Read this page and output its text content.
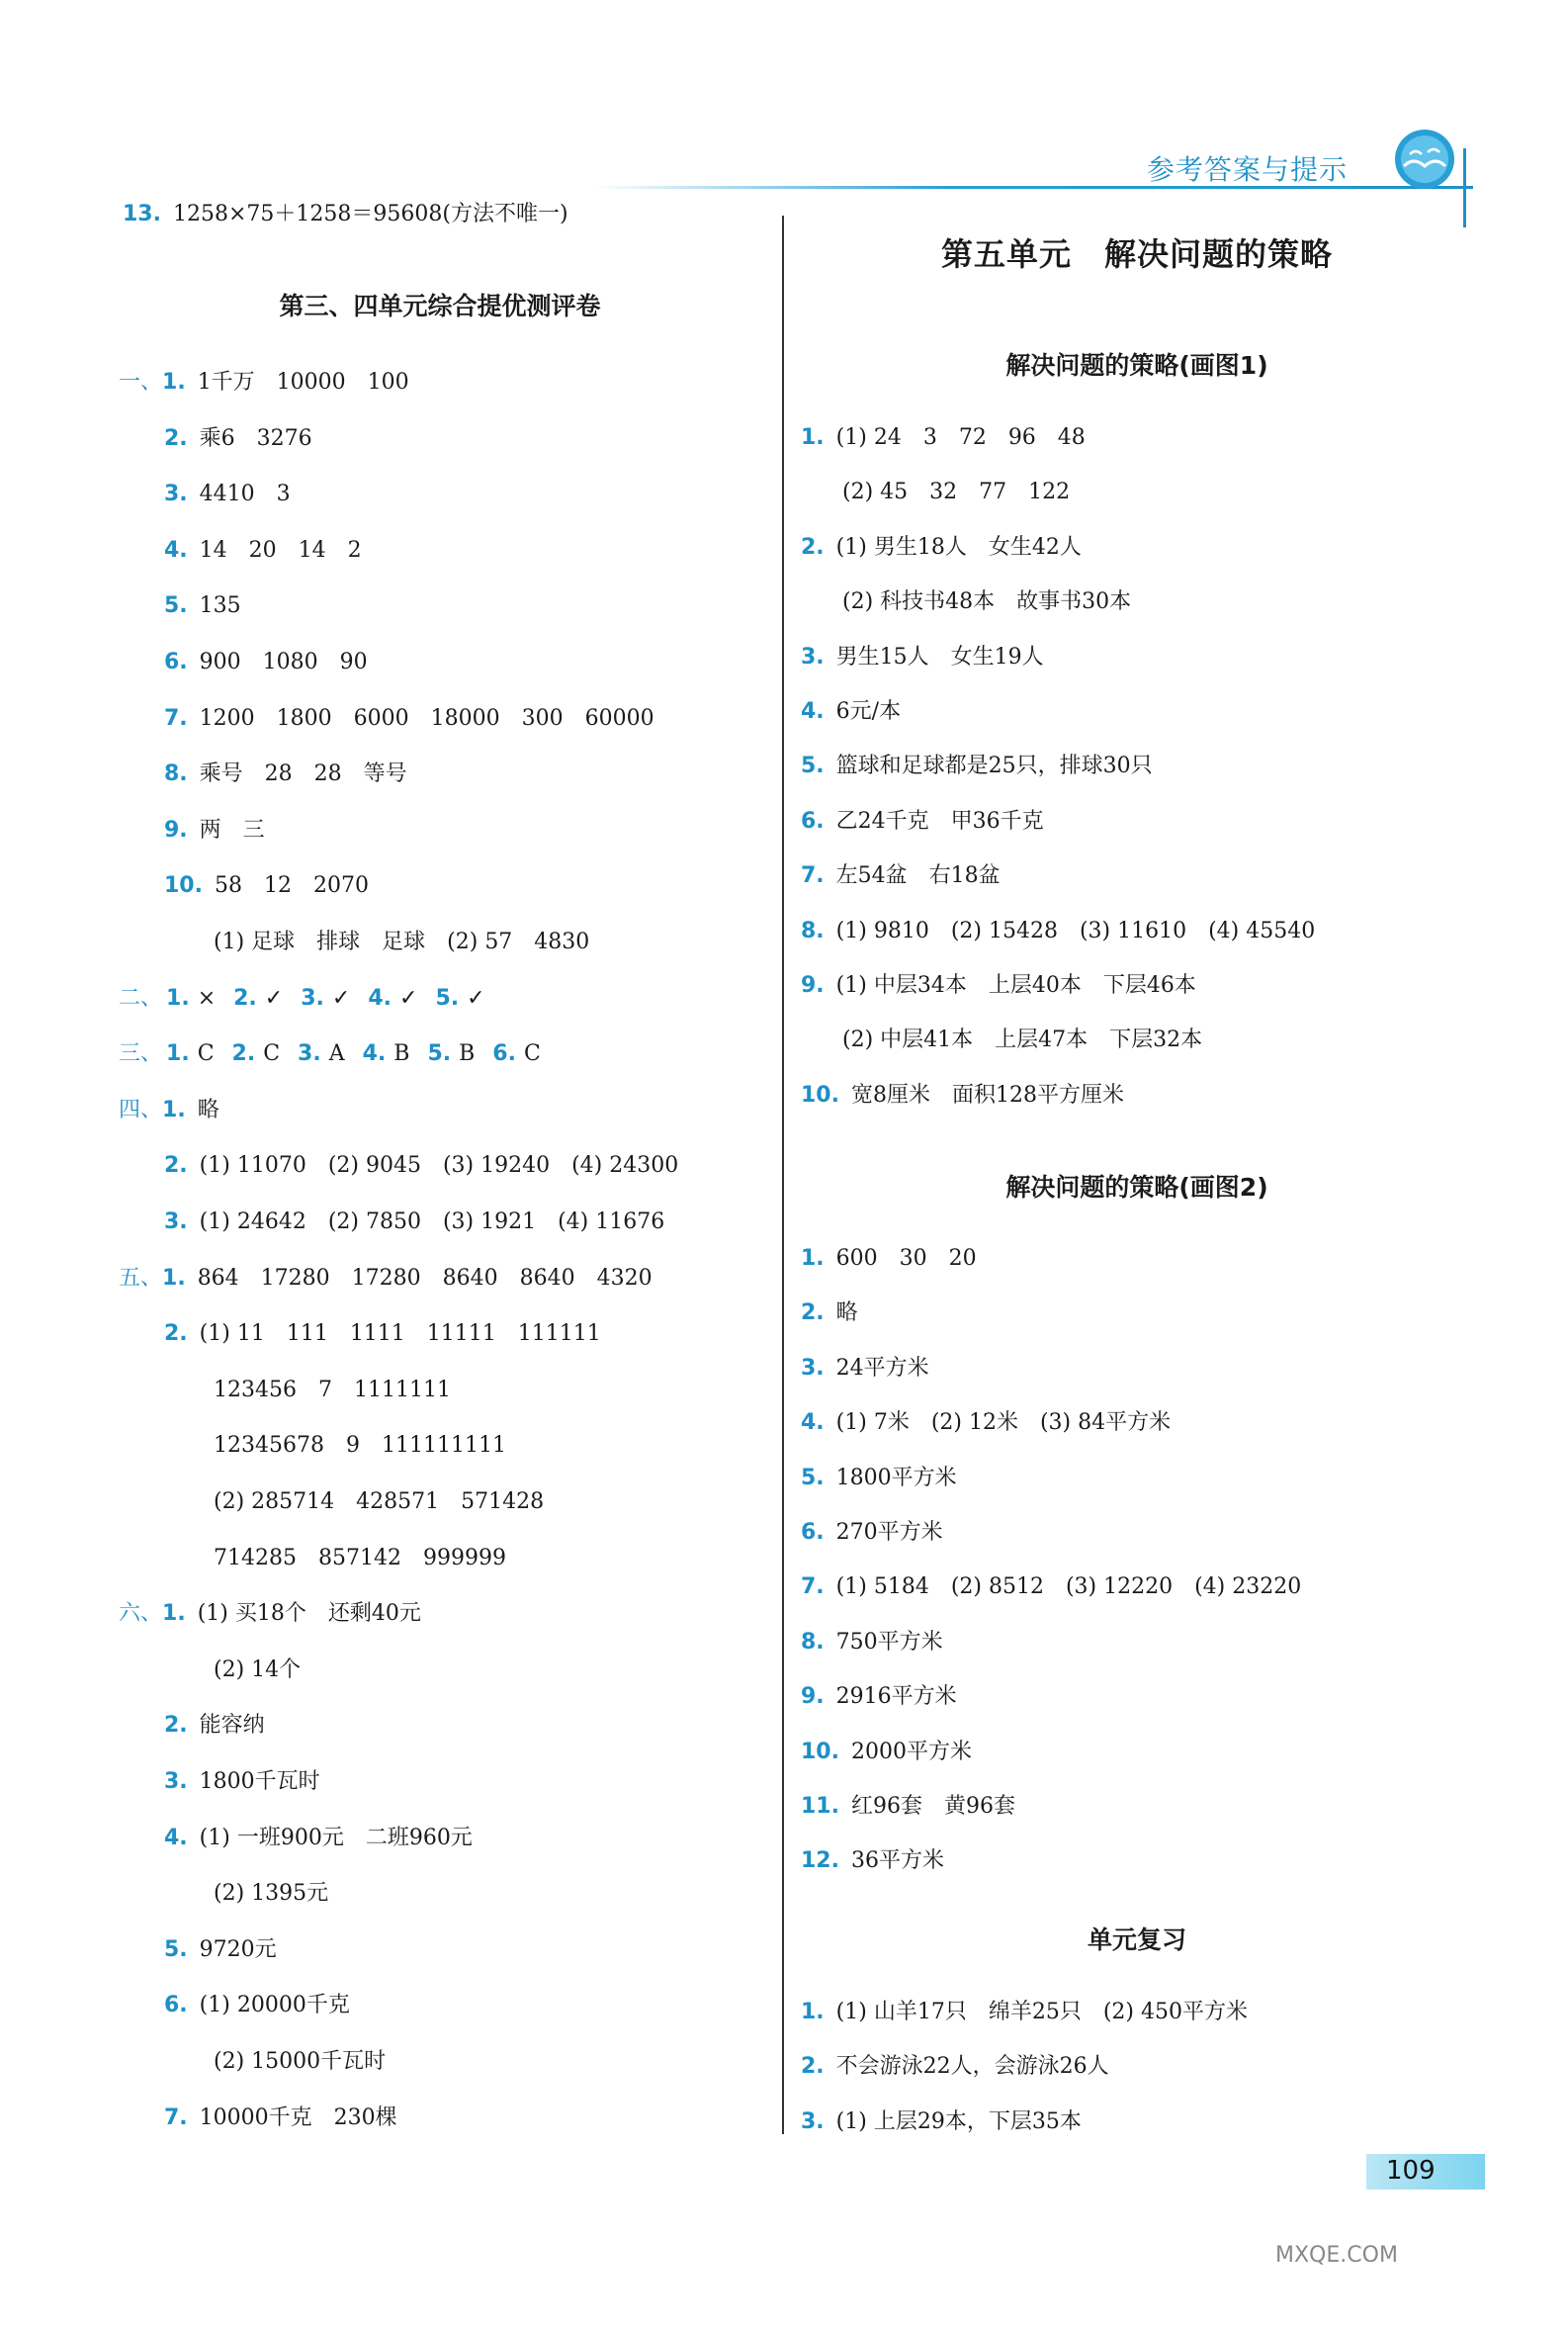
参考答案与提示
13. 1258×75＋1258＝95608(方法不唯一)
第三、四单元综合提优测评卷
一、1. 1千万　10000　100
2. 乘6　3276
3. 4410　3
4. 14　20　14　2
5. 135
6. 900　1080　90
7. 1200　1800　6000　18000　300　60000
8. 乘号　28　28　等号
9. 两　三
10. 58　12　2070
(1) 足球　排球　足球　(2) 57　4830
二、 1. × 2. ✓ 3. ✓ 4. ✓ 5. ✓
三、 1. C 2. C 3. A 4. B 5. B 6. C
四、1. 略
2. (1) 11070　(2) 9045　(3) 19240　(4) 24300
3. (1) 24642　(2) 7850　(3) 1921　(4) 11676
五、1. 864　17280　17280　8640　8640　4320
2. (1) 11　111　1111　11111　111111
123456　7　1111111
12345678　9　111111111
(2) 285714　428571　571428
714285　857142　999999
六、1. (1) 买18个　还剩40元
(2) 14个
2. 能容纳
3. 1800千瓦时
4. (1) 一班900元　二班960元
(2) 1395元
5. 9720元
6. (1) 20000千克
(2) 15000千瓦时
7. 10000千克　230棵
第五单元　解决问题的策略
解决问题的策略(画图1)
1. (1) 24　3　72　96　48
(2) 45　32　77　122
2. (1) 男生18人　女生42人
(2) 科技书48本　故事书30本
3. 男生15人　女生19人
4. 6元/本
5. 篮球和足球都是25只，排球30只
6. 乙24千克　甲36千克
7. 左54盆　右18盆
8. (1) 9810　(2) 15428　(3) 11610　(4) 45540
9. (1) 中层34本　上层40本　下层46本
(2) 中层41本　上层47本　下层32本
10. 宽8厘米　面积128平方厘米
解决问题的策略(画图2)
1. 600　30　20
2. 略
3. 24平方米
4. (1) 7米　(2) 12米　(3) 84平方米
5. 1800平方米
6. 270平方米
7. (1) 5184　(2) 8512　(3) 12220　(4) 23220
8. 750平方米
9. 2916平方米
10. 2000平方米
11. 红96套　黄96套
12. 36平方米
单元复习
1. (1) 山羊17只　绵羊25只　(2) 450平方米
2. 不会游泳22人，会游泳26人
3. (1) 上层29本，下层35本
109
MXQE.COM
